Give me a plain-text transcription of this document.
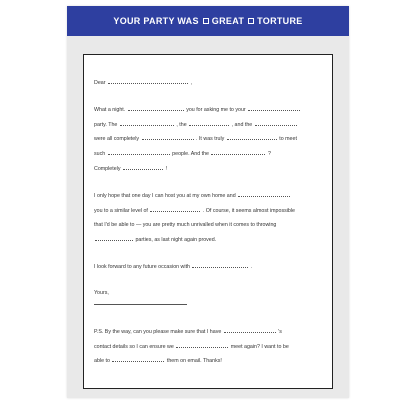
YOUR PARTY WAS GREAT TORTURE
Dear	,
What a night.	you for asking me to your
party. The	, the	, and the
were all completely	. It was truly	to meet
such	people. And the	?
Completely	!
I only hope that one day I can host you at my own home and
you to a similar level of	. Of course, it seems almost impossible
that I'd be able to — you are pretty much unrivalled when it comes to throwing
parties, as last night again proved.
I look forward to any future occasion with	.
Yours,
P.S. By the way, can you please make sure that I have	's
contact details so I can ensure we	meet again? I want to be
able to	them on email. Thanks!
